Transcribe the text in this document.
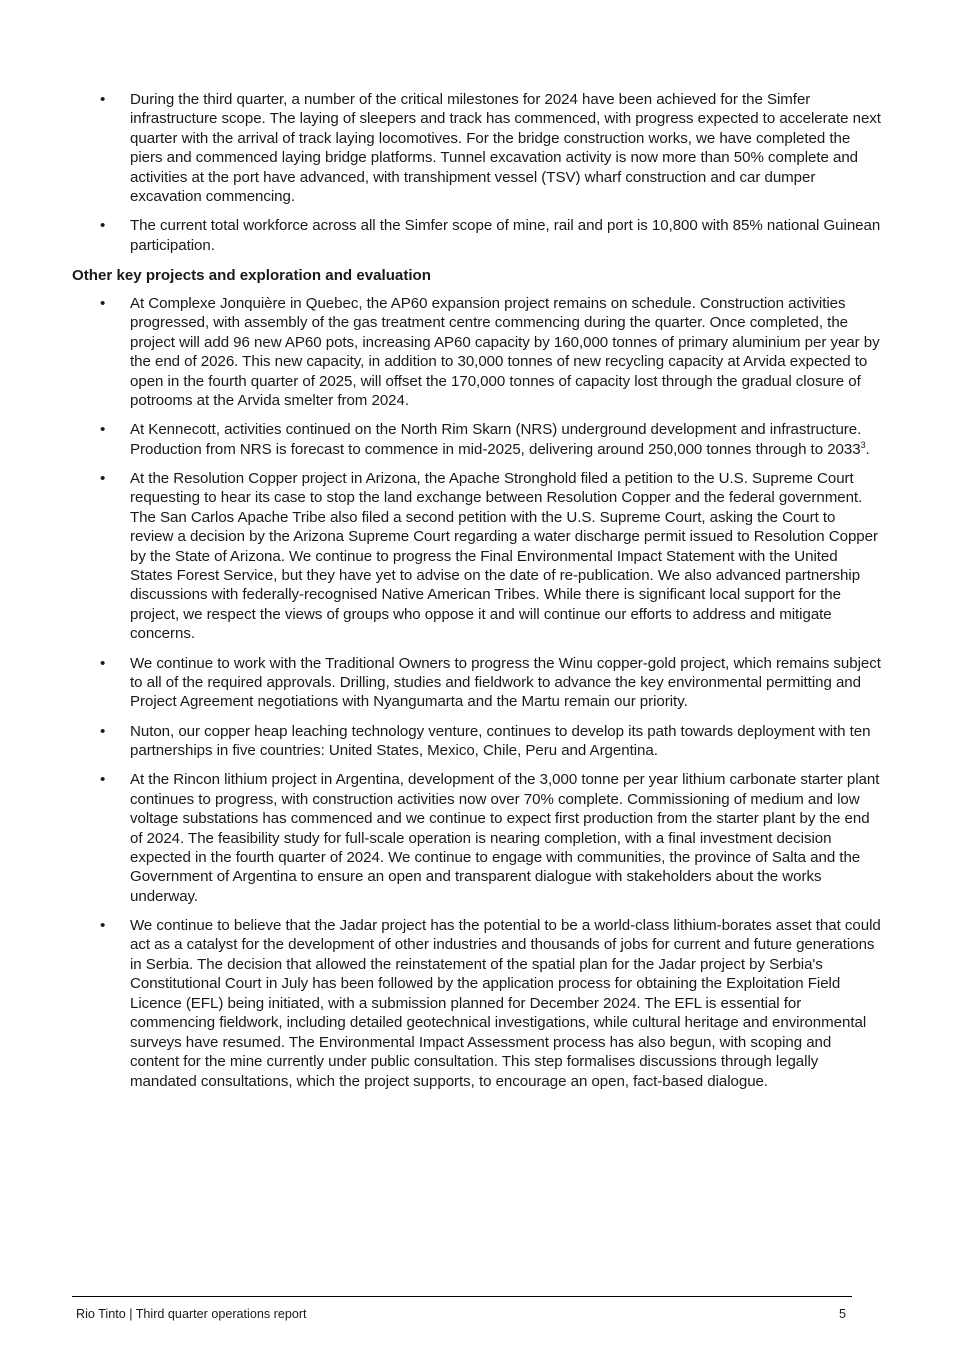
•	During the third quarter, a number of the critical milestones for 2024 have been achieved for the Simfer infrastructure scope. The laying of sleepers and track has commenced, with progress expected to accelerate next quarter with the arrival of track laying locomotives. For the bridge construction works, we have completed the piers and commenced laying bridge platforms. Tunnel excavation activity is now more than 50% complete and activities at the port have advanced, with transhipment vessel (TSV) wharf construction and car dumper excavation commencing.
•	The current total workforce across all the Simfer scope of mine, rail and port is 10,800 with 85% national Guinean participation.
Other key projects and exploration and evaluation
•	At Complexe Jonquière in Quebec, the AP60 expansion project remains on schedule. Construction activities progressed, with assembly of the gas treatment centre commencing during the quarter. Once completed, the project will add 96 new AP60 pots, increasing AP60 capacity by 160,000 tonnes of primary aluminium per year by the end of 2026. This new capacity, in addition to 30,000 tonnes of new recycling capacity at Arvida expected to open in the fourth quarter of 2025, will offset the 170,000 tonnes of capacity lost through the gradual closure of potrooms at the Arvida smelter from 2024.
•	At Kennecott, activities continued on the North Rim Skarn (NRS) underground development and infrastructure. Production from NRS is forecast to commence in mid-2025, delivering around 250,000 tonnes through to 2033$^3$.
•	At the Resolution Copper project in Arizona, the Apache Stronghold filed a petition to the U.S. Supreme Court requesting to hear its case to stop the land exchange between Resolution Copper and the federal government. The San Carlos Apache Tribe also filed a second petition with the U.S. Supreme Court, asking the Court to review a decision by the Arizona Supreme Court regarding a water discharge permit issued to Resolution Copper by the State of Arizona. We continue to progress the Final Environmental Impact Statement with the United States Forest Service, but they have yet to advise on the date of re-publication. We also advanced partnership discussions with federally-recognised Native American Tribes. While there is significant local support for the project, we respect the views of groups who oppose it and will continue our efforts to address and mitigate concerns.
•	We continue to work with the Traditional Owners to progress the Winu copper-gold project, which remains subject to all of the required approvals. Drilling, studies and fieldwork to advance the key environmental permitting and Project Agreement negotiations with Nyangumarta and the Martu remain our priority.
•	Nuton, our copper heap leaching technology venture, continues to develop its path towards deployment with ten partnerships in five countries: United States, Mexico, Chile, Peru and Argentina.
•	At the Rincon lithium project in Argentina, development of the 3,000 tonne per year lithium carbonate starter plant continues to progress, with construction activities now over 70% complete. Commissioning of medium and low voltage substations has commenced and we continue to expect first production from the starter plant by the end of 2024. The feasibility study for full-scale operation is nearing completion, with a final investment decision expected in the fourth quarter of 2024. We continue to engage with communities, the province of Salta and the Government of Argentina to ensure an open and transparent dialogue with stakeholders about the works underway.
•	We continue to believe that the Jadar project has the potential to be a world-class lithium-borates asset that could act as a catalyst for the development of other industries and thousands of jobs for current and future generations in Serbia. The decision that allowed the reinstatement of the spatial plan for the Jadar project by Serbia's Constitutional Court in July has been followed by the application process for obtaining the Exploitation Field Licence (EFL) being initiated, with a submission planned for December 2024. The EFL is essential for commencing fieldwork, including detailed geotechnical investigations, while cultural heritage and environmental surveys have resumed. The Environmental Impact Assessment process has also begun, with scoping and content for the mine currently under public consultation. This step formalises discussions through legally mandated consultations, which the project supports, to encourage an open, fact-based dialogue.
Rio Tinto | Third quarter operations report	5
